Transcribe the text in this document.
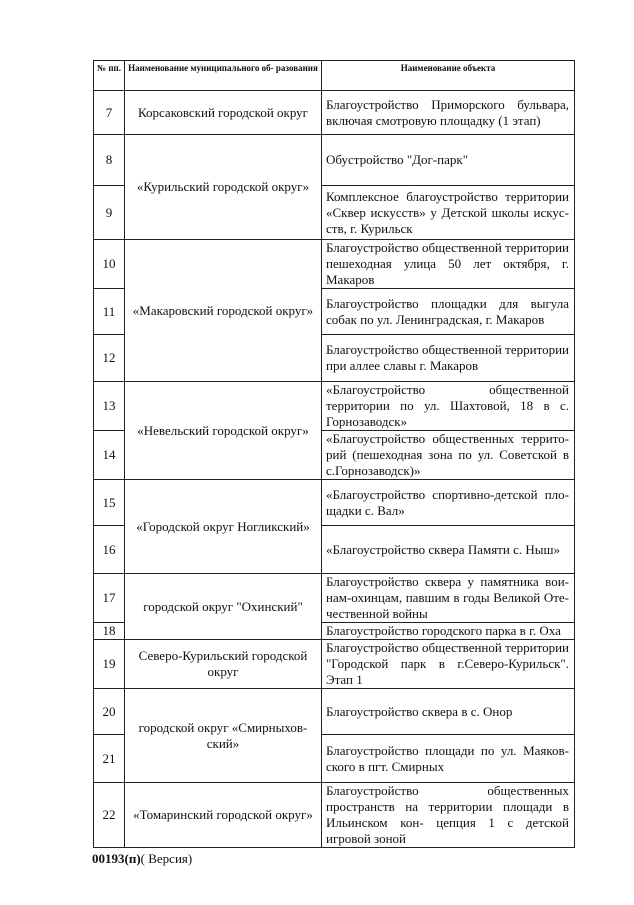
№ пп.	Наименование муниципального об- разования	Наименование объекта
7	Корсаковский городской округ	Благоустройство Приморского бульвара, включая смотровую площадку (1 этап)
8	«Курильский городской округ»	Обустройство "Дог-парк"
9		Комплексное благоустройство территории «Сквер искусств» у Детской школы искус- ств, г. Курильск
10	«Макаровский городской округ»	Благоустройство общественной территории пешеходная улица 50 лет октября, г. Макаров
11		Благоустройство площадки для выгула собак по ул. Ленинградская, г. Макаров
12		Благоустройство общественной территории при аллее славы г. Макаров
13	«Невельский городской округ»	«Благоустройство общественной территории по ул. Шахтовой, 18 в с. Горнозаводск»
14		«Благоустройство общественных террито- рий (пешеходная зона по ул. Советской в с.Горнозаводск)»
15	«Городской округ Ногликский»	«Благоустройство спортивно-детской пло- щадки с. Вал»
16		«Благоустройство сквера Памяти с. Ныш»
17	городской округ "Охинский"	Благоустройство сквера у памятника вои- нам-охинцам, павшим в годы Великой Оте- чественной войны
18		Благоустройство городского парка в г. Оха
19	Северо-Курильский городской округ	Благоустройство общественной территории "Городской парк в г.Северо-Курильск". Этап 1
20	городской округ «Смирныхов- ский»	Благоустройство сквера в с. Онор
21		Благоустройство площади по ул. Маяков- ского в пгт. Смирных
22	«Томаринский городской округ»	Благоустройство общественных пространств на территории площади в Ильинском кон- цепция 1 с детской игровой зоной
00193(п)( Версия)
